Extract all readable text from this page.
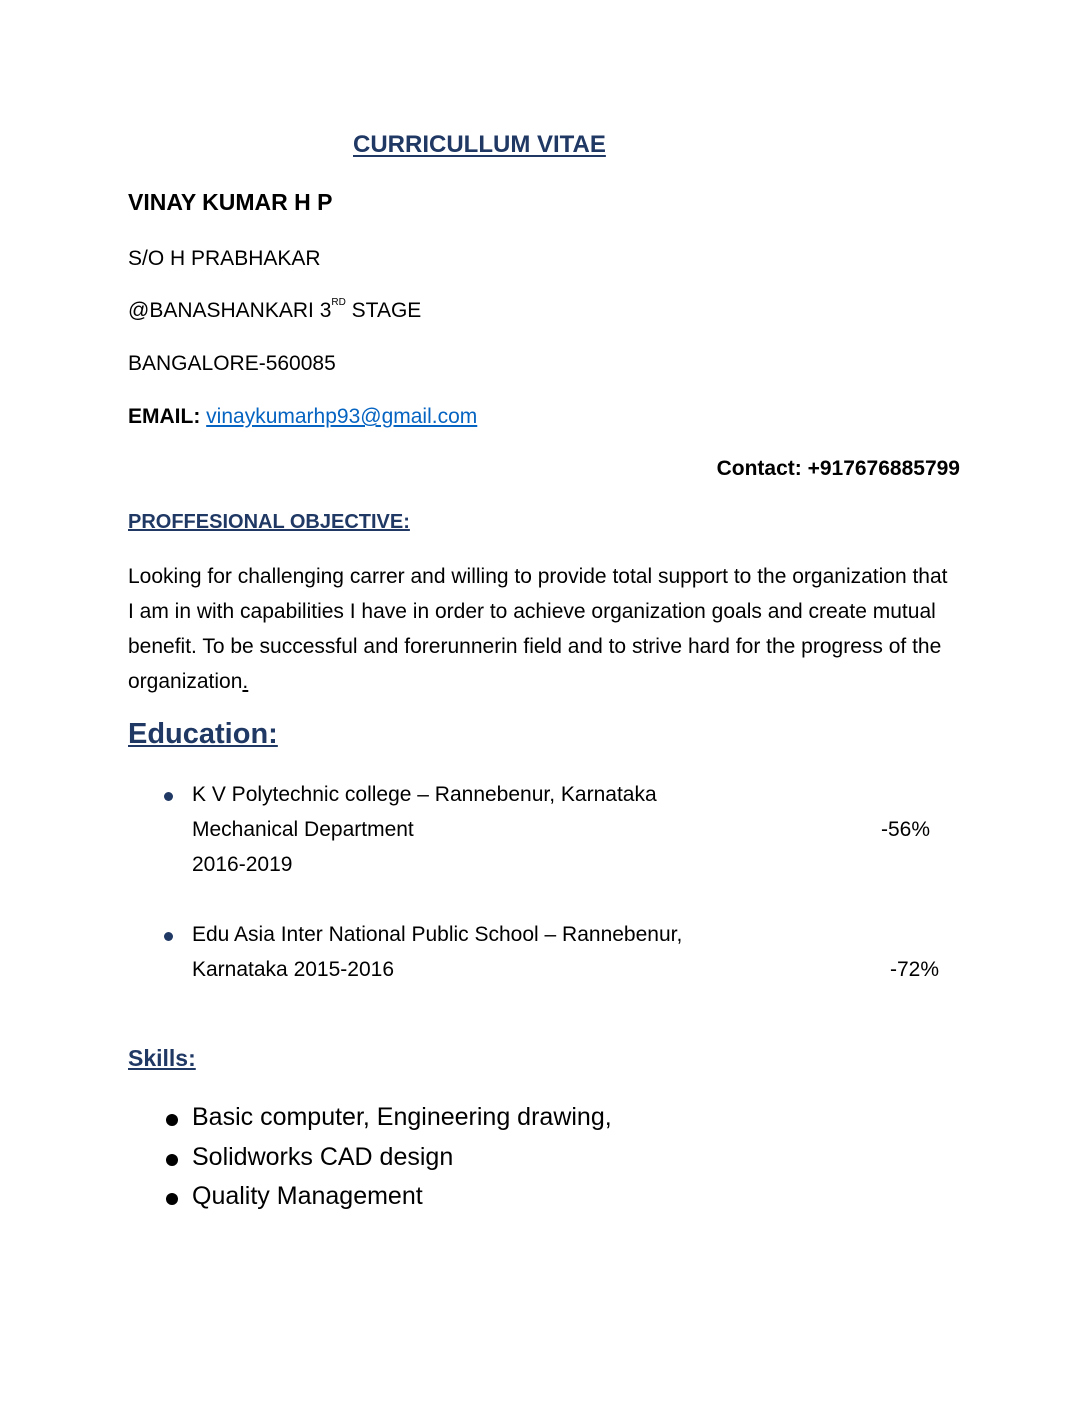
CURRICULLUM VITAE
VINAY KUMAR H P
S/O H PRABHAKAR
@BANASHANKARI 3RD STAGE
BANGALORE-560085
EMAIL: vinaykumarhp93@gmail.com
Contact: +917676885799
PROFFESIONAL OBJECTIVE:
Looking for challenging carrer and willing to provide total support to the organization that I am in with capabilities I have in order to achieve organization goals and create mutual benefit. To be successful and forerunnerin field and to strive hard for the progress of the organization.
Education:
K V Polytechnic college – Rannebenur, Karnataka
Mechanical Department	-56%
2016-2019
Edu Asia Inter National Public School – Rannebenur,
Karnataka 2015-2016	-72%
Skills:
Basic computer, Engineering drawing,
Solidworks CAD design
Quality Management
